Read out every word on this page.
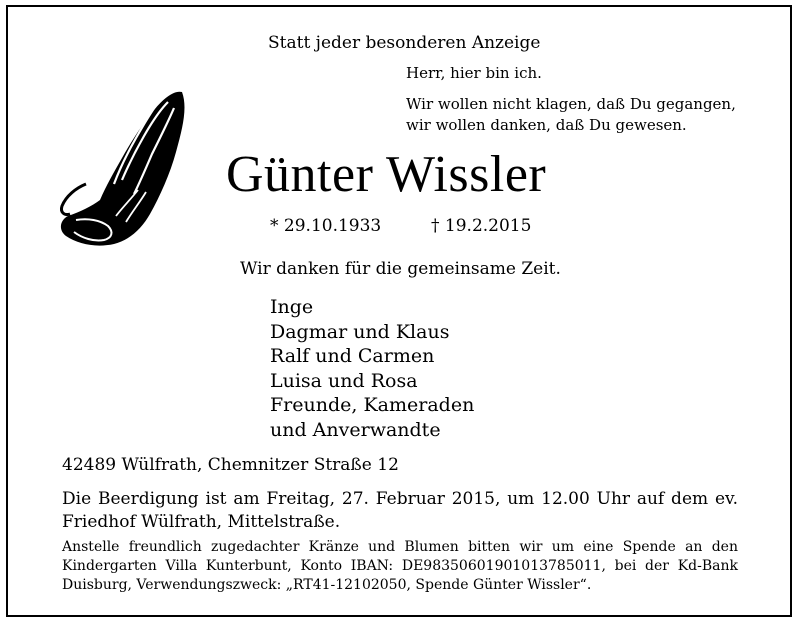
Statt jeder besonderen Anzeige
Herr, hier bin ich.
Wir wollen nicht klagen, daß Du gegangen,
wir wollen danken, daß Du gewesen.
Günter Wissler
* 29.10.1933	† 19.2.2015
Wir danken für die gemeinsame Zeit.
Inge
Dagmar und Klaus
Ralf und Carmen
Luisa und Rosa
Freunde, Kameraden
und Anverwandte
42489 Wülfrath, Chemnitzer Straße 12
Die Beerdigung ist am Freitag, 27. Februar 2015, um 12.00 Uhr auf dem ev. Friedhof Wülfrath, Mittelstraße.
Anstelle freundlich zugedachter Kränze und Blumen bitten wir um eine Spende an den Kindergarten Villa Kunterbunt, Konto IBAN: DE98350601901013785011, bei der Kd-Bank Duisburg, Verwendungszweck: „RT41-12102050, Spende Günter Wissler“.
